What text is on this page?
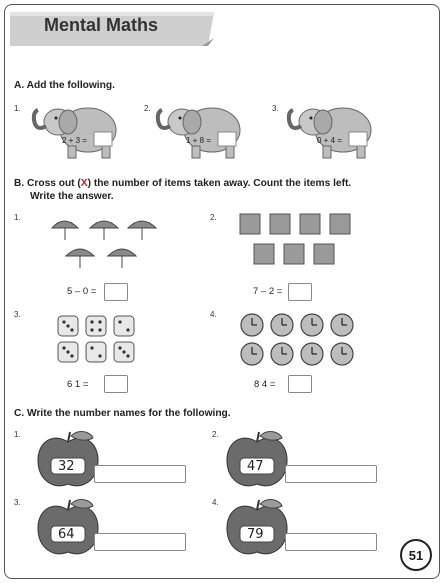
Mental Maths
A. Add the following.
1.	2.	3.
2 + 3 =	1 + 8 =	0 + 4 =
B. Cross out (X) the number of items taken away. Count the items left.
Write the answer.
1.	2.
5 – 0 =	7 – 2 =
3.	4.
6 1 =	8 4 =
C. Write the number names for the following.
1.	2.
3.	4.
32	47
64	79
51
